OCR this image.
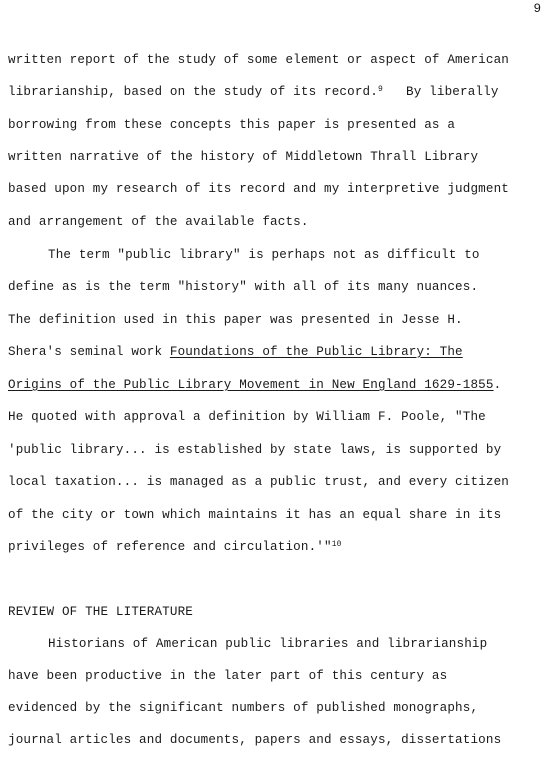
9
written report of the study of some element or aspect of American
librarianship, based on the study of its record.$^9$   By liberally
borrowing from these concepts this paper is presented as a
written narrative of the history of Middletown Thrall Library
based upon my research of its record and my interpretive judgment
and arrangement of the available facts.
The term "public library" is perhaps not as difficult to
define as is the term "history" with all of its many nuances.
The definition used in this paper was presented in Jesse H.
Shera's seminal work Foundations of the Public Library: The
Origins of the Public Library Movement in New England 1629-1855.
He quoted with approval a definition by William F. Poole, "The
'public library... is established by state laws, is supported by
local taxation... is managed as a public trust, and every citizen
of the city or town which maintains it has an equal share in its
privileges of reference and circulation.'"$^{10}$
REVIEW OF THE LITERATURE
Historians of American public libraries and librarianship
have been productive in the later part of this century as
evidenced by the significant numbers of published monographs,
journal articles and documents, papers and essays, dissertations
